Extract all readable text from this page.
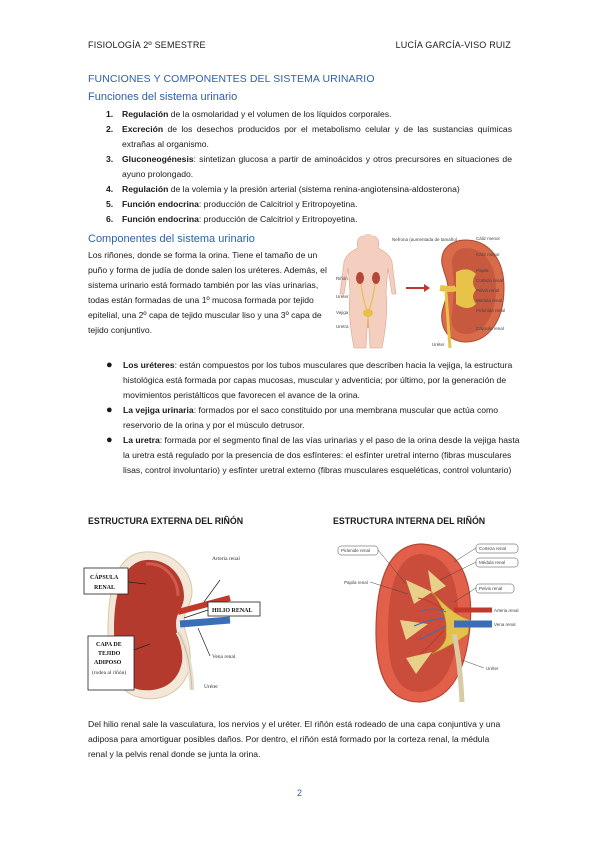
FISIOLOGÍA 2º SEMESTRE	LUCÍA GARCÍA-VISO RUIZ
FUNCIONES Y COMPONENTES DEL SISTEMA URINARIO
Funciones del sistema urinario
1. Regulación de la osmolaridad y el volumen de los líquidos corporales.
2. Excreción de los desechos producidos por el metabolismo celular y de las sustancias químicas extrañas al organismo.
3. Gluconeogénesis: sintetizan glucosa a partir de aminoácidos y otros precursores en situaciones de ayuno prolongado.
4. Regulación de la volemia y la presión arterial (sistema renina-angiotensina-aldosterona)
5. Función endocrina: producción de Calcitriol y Eritropoyetina.
6. Función endocrina: producción de Calcitriol y Eritropoyetina.
Componentes del sistema urinario
Los riñones, donde se forma la orina. Tiene el tamaño de un puño y forma de judía de donde salen los uréteres. Además, el sistema urinario está formado también por las vías urinarias, todas están formadas de una 1º mucosa formada por tejido epitelial, una 2º capa de tejido muscular liso y una 3º capa de tejido conjuntivo.
Riñón
Uréter
Vejiga
Uretra
Nefrona (aumentada de tamaño)	Cáliz menor
Cáliz mayor
Papila
Corteza renal
Pelvis renal
Médula renal
Pirámide renal
Cápsula renal
Uréter
● Los uréteres: están compuestos por los tubos musculares que describen hacia la vejiga, la estructura histológica está formada por capas mucosas, muscular y adventicia; por último, por la generación de movimientos peristálticos que favorecen el avance de la orina.
● La vejiga urinaria: formados por el saco constituido por una membrana muscular que actúa como reservorio de la orina y por el músculo detrusor.
● La uretra: formada por el segmento final de las vías urinarias y el paso de la orina desde la vejiga hasta la uretra está regulado por la presencia de dos esfínteres: el esfínter uretral interno (fibras musculares lisas, control involuntario) y esfínter uretral externo (fibras musculares esqueléticas, control voluntario)
ESTRUCTURA EXTERNA DEL RIÑÓN	ESTRUCTURA INTERNA DEL RIÑÓN
Arteria renal
CÁPSULA
RENAL
HILIO RENAL
CAPA DE
TEJIDO
ADIPOSO
(rodea al riñón)
Vena renal
Uréter
Pirámide renal	Corteza renal
Médula renal
Papila renal
Pelvis renal
Arteria renal
Vena renal
Uréter
Del hilio renal sale la vasculatura, los nervios y el uréter. El riñón está rodeado de una capa conjuntiva y una adiposa para amortiguar posibles daños. Por dentro, el riñón está formado por la corteza renal, la médula renal y la pelvis renal donde se junta la orina.
2
